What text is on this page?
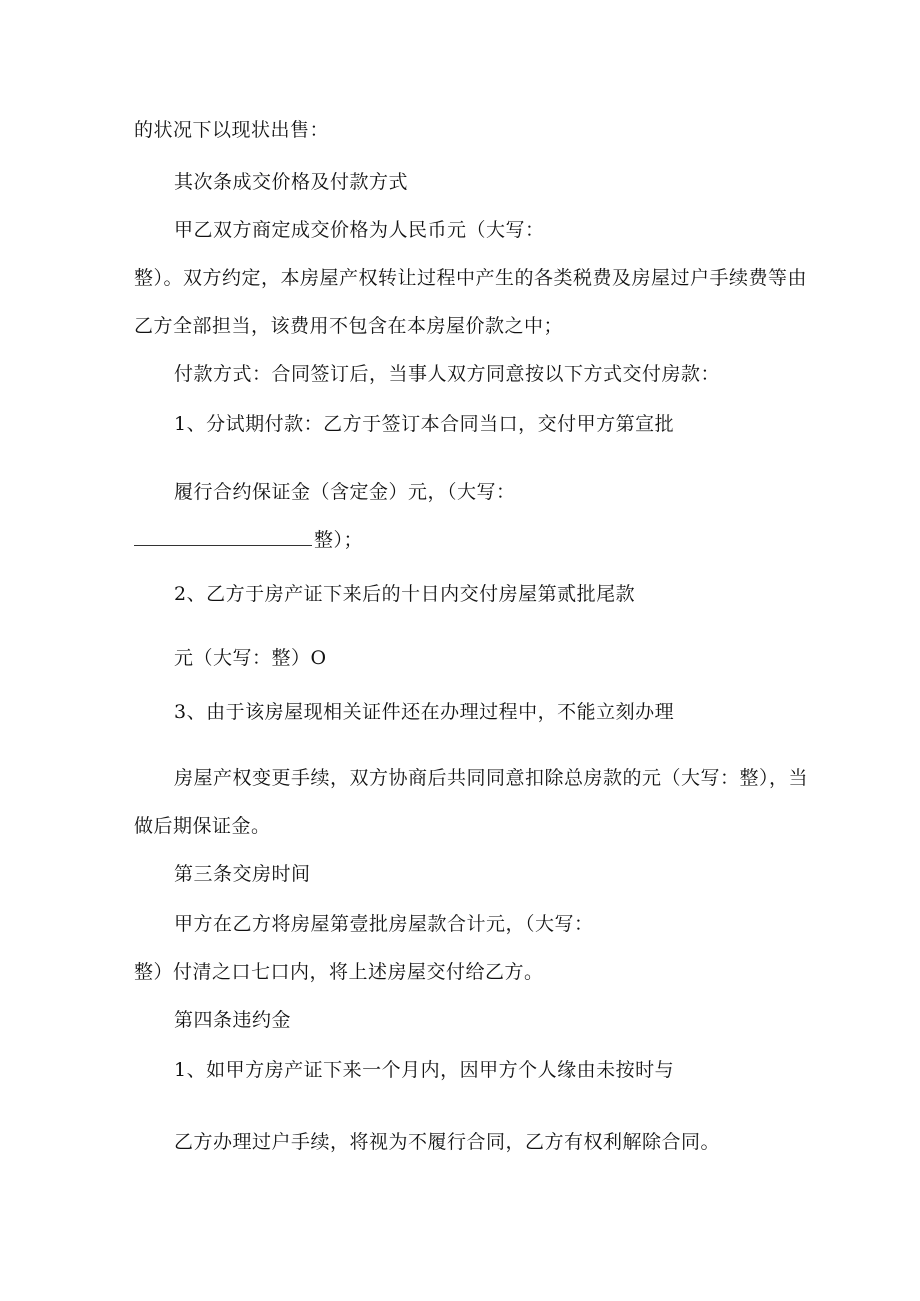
的状况下以现状出售：
其次条成交价格及付款方式
甲乙双方商定成交价格为人民币元（大写：
整）。双方约定，本房屋产权转让过程中产生的各类税费及房屋过户手续费等由
乙方全部担当，该费用不包含在本房屋价款之中；
付款方式：合同签订后，当事人双方同意按以下方式交付房款：
1、分试期付款：乙方于签订本合同当口，交付甲方第宣批
履行合约保证金（含定金）元，（大写：
整）；
2、乙方于房产证下来后的十日内交付房屋第贰批尾款
元（大写：整）O
3、由于该房屋现相关证件还在办理过程中，不能立刻办理
房屋产权变更手续，双方协商后共同同意扣除总房款的元（大写：整），当
做后期保证金。
第三条交房时间
甲方在乙方将房屋第壹批房屋款合计元，（大写：
整）付清之口七口内，将上述房屋交付给乙方。
第四条违约金
1、如甲方房产证下来一个月内，因甲方个人缘由未按时与
乙方办理过户手续，将视为不履行合同，乙方有权利解除合同。
